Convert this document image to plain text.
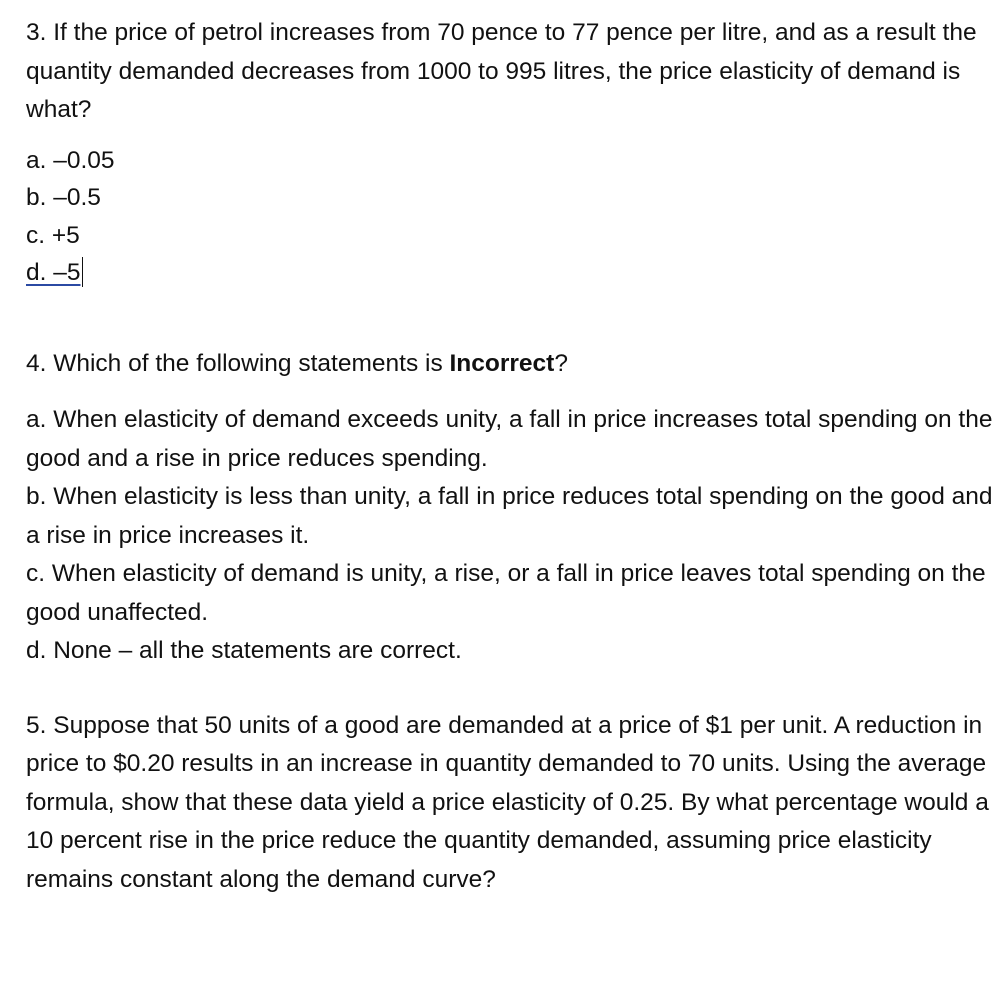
3. If the price of petrol increases from 70 pence to 77 pence per litre, and as a result the quantity demanded decreases from 1000 to 995 litres, the price elasticity of demand is what?

a. –0.05

b. –0.5

c. +5

d. –5

4. Which of the following statements is Incorrect?

a. When elasticity of demand exceeds unity, a fall in price increases total spending on the good and a rise in price reduces spending.

b. When elasticity is less than unity, a fall in price reduces total spending on the good and a rise in price increases it.

c. When elasticity of demand is unity, a rise, or a fall in price leaves total spending on the good unaffected.

d. None – all the statements are correct.

5. Suppose that 50 units of a good are demanded at a price of $1 per unit. A reduction in price to $0.20 results in an increase in quantity demanded to 70 units. Using the average formula, show that these data yield a price elasticity of 0.25. By what percentage would a 10 percent rise in the price reduce the quantity demanded, assuming price elasticity remains constant along the demand curve?
